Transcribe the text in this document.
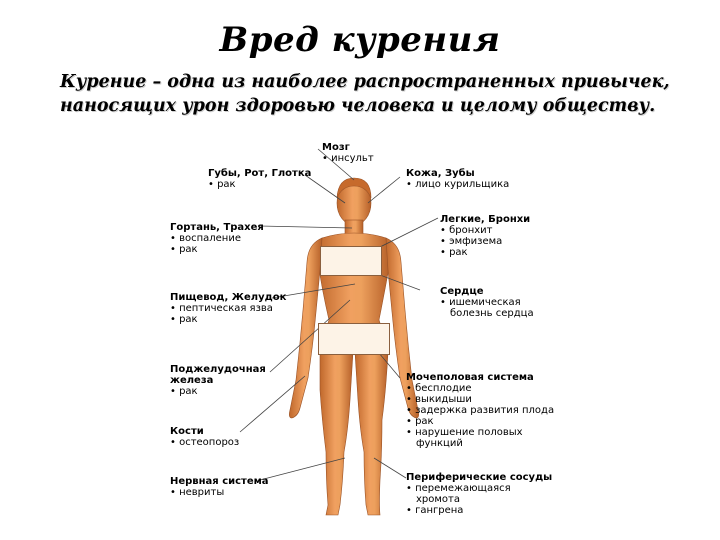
Вред курения
Курение – одна из наиболее распространенных привычек, наносящих урон здоровью человека и целому обществу.
Мозг
• инсульт
Губы, Рот, Глотка
• рак
Кожа, Зубы
• лицо курильщика
Гортань, Трахея
• воспаление
• рак
Легкие, Бронхи
• бронхит
• эмфизема
• рак
Сердце
• ишемическая
болезнь сердца
Пищевод, Желудок
• пептическая язва
• рак
Поджелудочная
железа
• рак
Мочеполовая система
• бесплодие
• выкидыши
• задержка развития плода
• рак
• нарушение половых
функций
Кости
• остеопороз
Нервная система
• невриты
Периферические сосуды
• перемежающаяся
хромота
• гангрена
